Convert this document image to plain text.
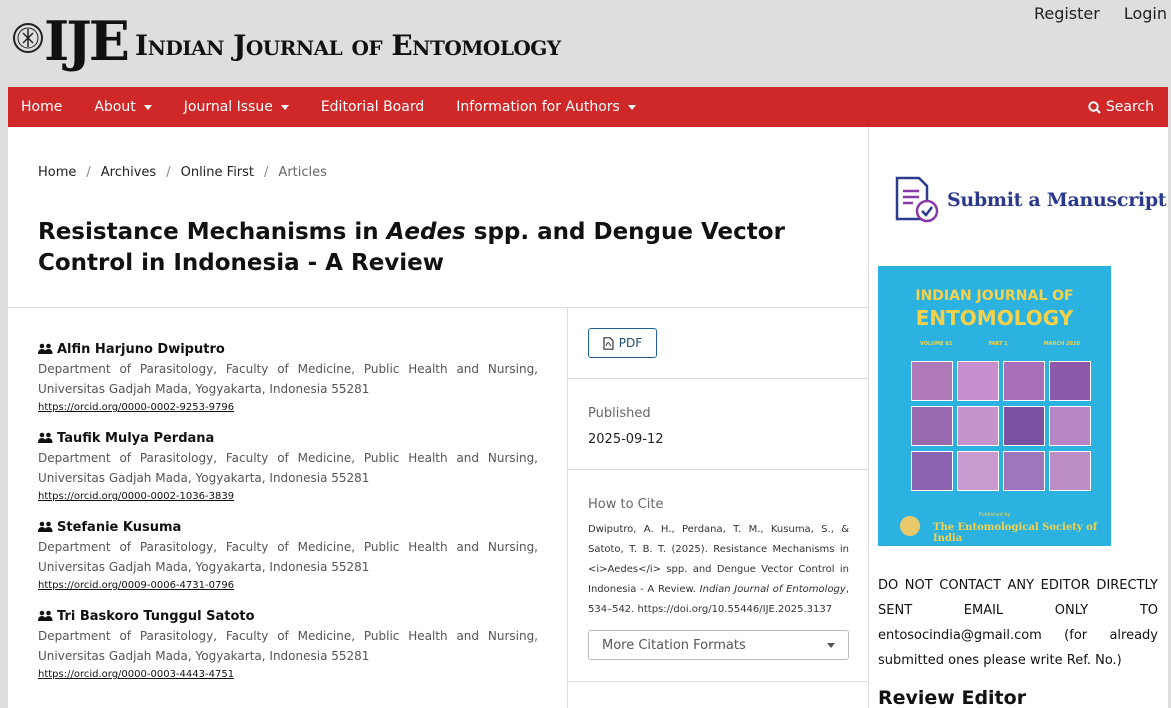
IJE Indian Journal of Entomology
Register Login
Home About	Journal Issue	Editorial Board Information for Authors	Search
Home / Archives / Online First / Articles
Resistance Mechanisms in Aedes spp. and Dengue Vector Control in Indonesia - A Review
Alfin Harjuno Dwiputro
Department of Parasitology, Faculty of Medicine, Public Health and Nursing, Universitas Gadjah Mada, Yogyakarta, Indonesia 55281
https://orcid.org/0000-0002-9253-9796
Taufik Mulya Perdana
Department of Parasitology, Faculty of Medicine, Public Health and Nursing, Universitas Gadjah Mada, Yogyakarta, Indonesia 55281
https://orcid.org/0000-0002-1036-3839
Stefanie Kusuma
Department of Parasitology, Faculty of Medicine, Public Health and Nursing, Universitas Gadjah Mada, Yogyakarta, Indonesia 55281
https://orcid.org/0009-0006-4731-0796
Tri Baskoro Tunggul Satoto
Department of Parasitology, Faculty of Medicine, Public Health and Nursing, Universitas Gadjah Mada, Yogyakarta, Indonesia 55281
https://orcid.org/0000-0003-4443-4751
PDF
Published
2025-09-12
How to Cite
Dwiputro, A. H., Perdana, T. M., Kusuma, S., & Satoto, T. B. T. (2025). Resistance Mechanisms in <i>Aedes</i> spp. and Dengue Vector Control in Indonesia - A Review. Indian Journal of Entomology, 534–542. https://doi.org/10.55446/IJE.2025.3137
More Citation Formats
Submit a Manuscript
INDIAN JOURNAL OF
ENTOMOLOGY
VOLUME 82	PART 1	MARCH 2020
Published by
The Entomological Society of India
DO NOT CONTACT ANY EDITOR DIRECTLY SENT EMAIL ONLY TO entosocindia@gmail.com (for already submitted ones please write Ref. No.)
Review Editor
